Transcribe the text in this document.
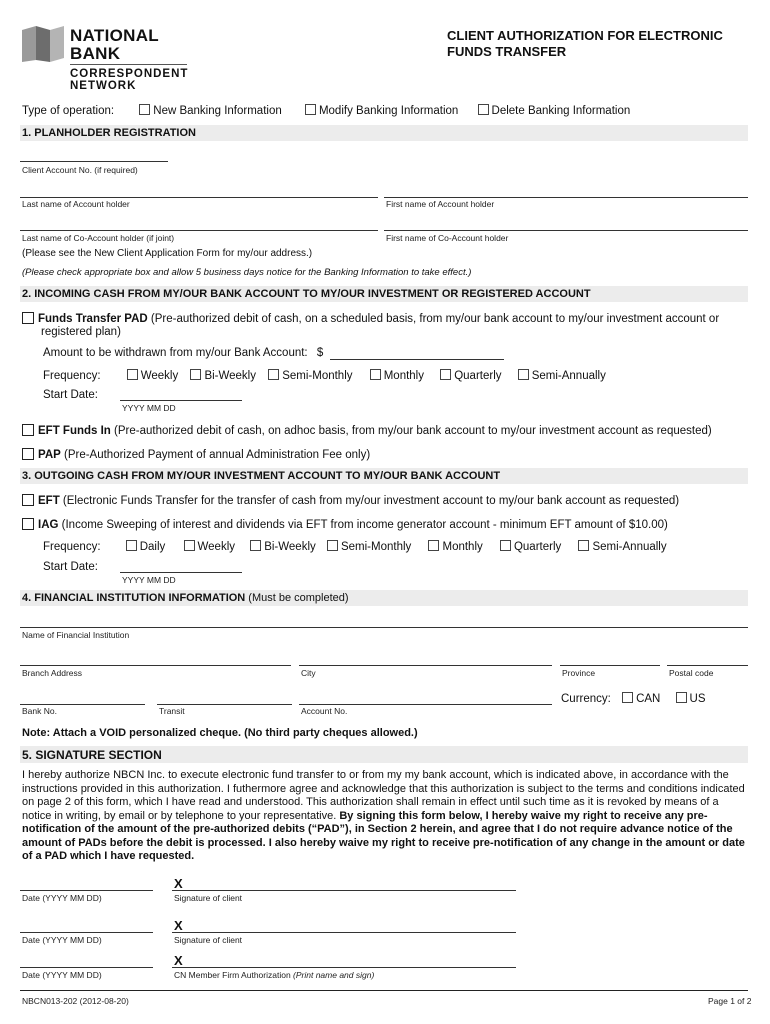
NATIONAL
BANK
CORRESPONDENT
NETWORK
CLIENT AUTHORIZATION FOR ELECTRONIC
FUNDS TRANSFER
Type of operation:	New Banking Information	Modify Banking Information	Delete Banking Information
1. PLANHOLDER REGISTRATION
Client Account No. (if required)
Last name of Account holder	First name of Account holder
Last name of Co-Account holder (if joint)	First name of Co-Account holder
(Please see the New Client Application Form for my/our address.)
(Please check appropriate box and allow 5 business days notice for the Banking Information to take effect.)
2. INCOMING CASH FROM MY/OUR BANK ACCOUNT TO MY/OUR INVESTMENT OR REGISTERED ACCOUNT
Funds Transfer PAD (Pre-authorized debit of cash, on a scheduled basis, from my/our bank account to my/our investment account or
registered plan)
Amount to be withdrawn from my/our Bank Account: $
Frequency:	Weekly Bi-Weekly Semi-Monthly	Monthly	Quarterly	Semi-Annually
Start Date:
YYYY MM DD
EFT Funds In (Pre-authorized debit of cash, on adhoc basis, from my/our bank account to my/our investment account as requested)
PAP (Pre-Authorized Payment of annual Administration Fee only)
3. OUTGOING CASH FROM MY/OUR INVESTMENT ACCOUNT TO MY/OUR BANK ACCOUNT
EFT (Electronic Funds Transfer for the transfer of cash from my/our investment account to my/our bank account as requested)
IAG (Income Sweeping of interest and dividends via EFT from income generator account - minimum EFT amount of $10.00)
Frequency:	Daily	Weekly	Bi-Weekly Semi-Monthly	Monthly	Quarterly	Semi-Annually
Start Date:
YYYY MM DD
4. FINANCIAL INSTITUTION INFORMATION (Must be completed)
Name of Financial Institution
Branch Address	City	Province	Postal code
Bank No.	Transit	Account No.
Currency: CAN	US
Note: Attach a VOID personalized cheque. (No third party cheques allowed.)
5. SIGNATURE SECTION
I hereby authorize NBCN Inc. to execute electronic fund transfer to or from my my bank account, which is indicated above, in accordance with the instructions provided in this authorization. I futhermore agree and acknowledge that this authorization is subject to the terms and conditions indicated on page 2 of this form, which I have read and understood. This authorization shall remain in effect until such time as it is revoked by means of a notice in writing, by email or by telephone to your representative. By signing this form below, I hereby waive my right to receive any pre-notification of the amount of the pre-authorized debits (“PAD”), in Section 2 herein, and agree that I do not require advance notice of the amount of PADs before the debit is processed. I also hereby waive my right to receive pre-notification of any change in the amount or date of a PAD which I have requested.
Date (YYYY MM DD)
X
Signature of client
Date (YYYY MM DD)
X
Signature of client
Date (YYYY MM DD)
X
CN Member Firm Authorization (Print name and sign)
NBCN013-202 (2012-08-20)	Page 1 of 2
